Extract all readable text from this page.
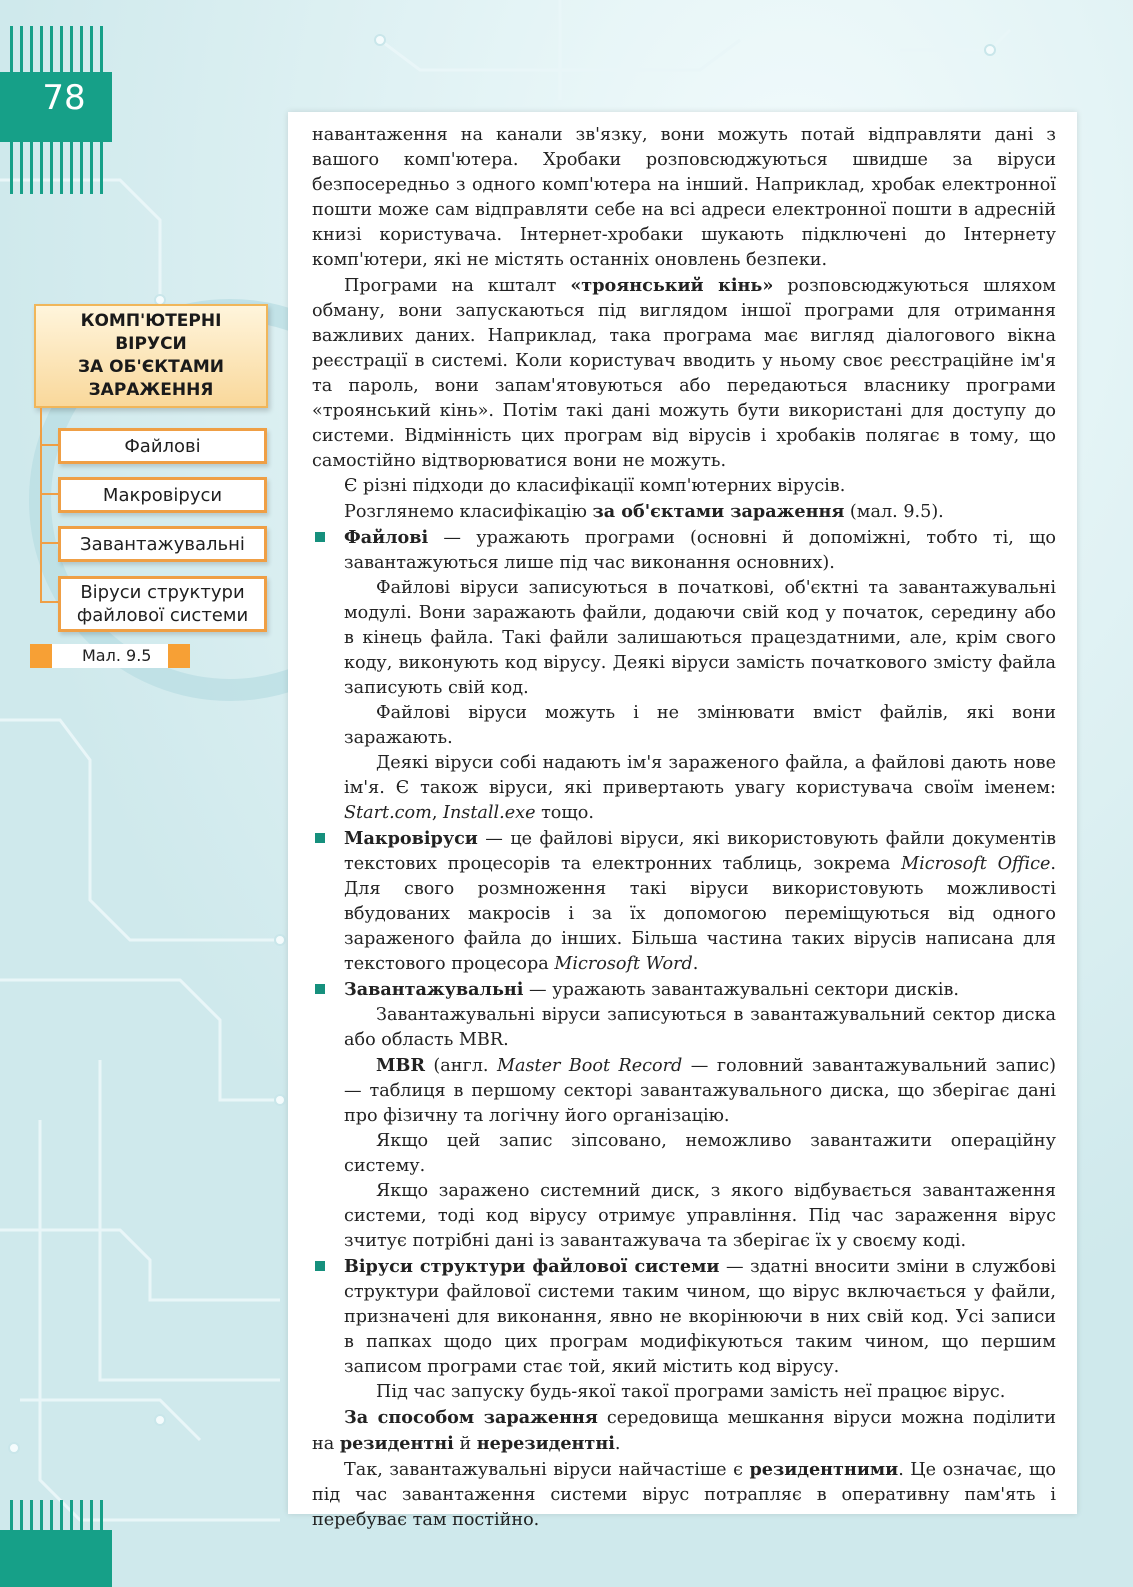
78
КОМП'ЮТЕРНІ
ВІРУСИ
ЗА ОБ'ЄКТАМИ
ЗАРАЖЕННЯ
Файлові
Макровіруси
Завантажувальні
Віруси структури
файлової системи
Мал. 9.5

навантаження на канали зв'язку, вони можуть потай відправляти дані з вашого комп'ютера. Хробаки розповсюджуються швидше за віруси безпосередньо з одного комп'ютера на інший. Наприклад, хробак електронної пошти може сам відправляти себе на всі адреси електронної пошти в адресній книзі користувача. Інтернет-хробаки шукають підключені до Інтернету комп'ютери, які не містять останніх оновлень безпеки.

Програми на кшталт «троянський кінь» розповсюджуються шляхом обману, вони запускаються під виглядом іншої програми для отримання важливих даних. Наприклад, така програма має вигляд діалогового вікна реєстрації в системі. Коли користувач вводить у ньому своє реєстраційне ім'я та пароль, вони запам'ятовуються або передаються власнику програми «троянський кінь». Потім такі дані можуть бути використані для доступу до системи. Відмінність цих програм від вірусів і хробаків полягає в тому, що самостійно відтворюватися вони не можуть.

Є різні підходи до класифікації комп'ютерних вірусів.

Розглянемо класифікацію за об'єктами зараження (мал. 9.5).

Файлові — уражають програми (основні й допоміжні, тобто ті, що завантажуються лише під час виконання основних).

Файлові віруси записуються в початкові, об'єктні та завантажувальні модулі. Вони заражають файли, додаючи свій код у початок, середину або в кінець файла. Такі файли залишаються працездатними, але, крім свого коду, виконують код вірусу. Деякі віруси замість початкового змісту файла записують свій код.

Файлові віруси можуть і не змінювати вміст файлів, які вони заражають.

Деякі віруси собі надають ім'я зараженого файла, а файлові дають нове ім'я. Є також віруси, які привертають увагу користувача своїм іменем: Start.com, Install.exe тощо.

Макровіруси — це файлові віруси, які використовують файли документів текстових процесорів та електронних таблиць, зокрема Microsoft Office. Для свого розмноження такі віруси використовують можливості вбудованих макросів і за їх допомогою переміщуються від одного зараженого файла до інших. Більша частина таких вірусів написана для текстового процесора Microsoft Word.

Завантажувальні — уражають завантажувальні сектори дисків.

Завантажувальні віруси записуються в завантажувальний сектор диска або область MBR.

MBR (англ. Master Boot Record — головний завантажувальний запис) — таблиця в першому секторі завантажувального диска, що зберігає дані про фізичну та логічну його організацію.

Якщо цей запис зіпсовано, неможливо завантажити операційну систему.

Якщо заражено системний диск, з якого відбувається завантаження системи, тоді код вірусу отримує управління. Під час зараження вірус зчитує потрібні дані із завантажувача та зберігає їх у своєму коді.

Віруси структури файлової системи — здатні вносити зміни в службові структури файлової системи таким чином, що вірус включається у файли, призначені для виконання, явно не вкорінюючи в них свій код. Усі записи в папках щодо цих програм модифікуються таким чином, що першим записом програми стає той, який містить код вірусу.

Під час запуску будь-якої такої програми замість неї працює вірус.

За способом зараження середовища мешкання віруси можна поділити на резидентні й нерезидентні.

Так, завантажувальні віруси найчастіше є резидентними. Це означає, що під час завантаження системи вірус потрапляє в оперативну пам'ять і перебуває там постійно.
